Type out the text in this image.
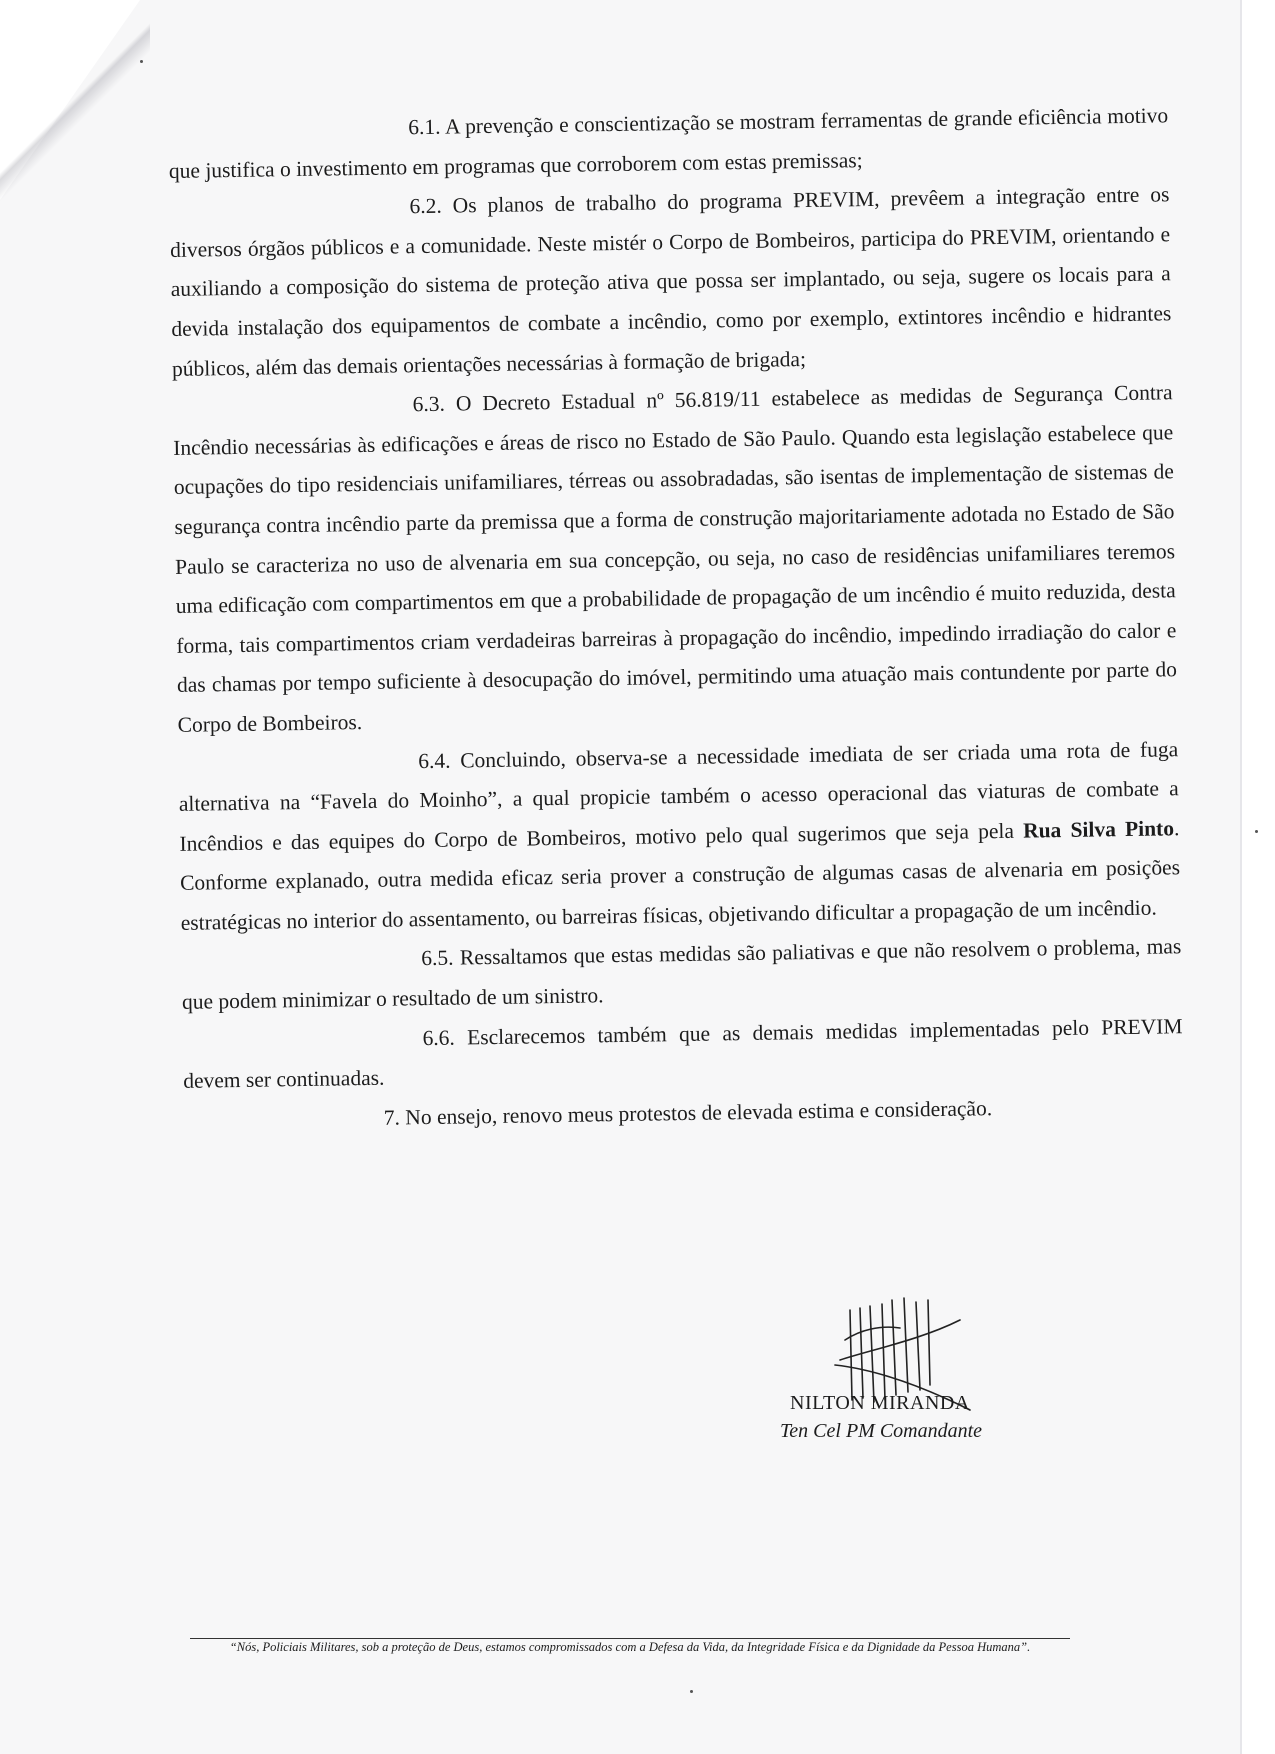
6.1. A prevenção e conscientização se mostram ferramentas de grande eficiência motivo que justifica o investimento em programas que corroborem com estas premissas;

6.2. Os planos de trabalho do programa PREVIM, prevêem a integração entre os diversos órgãos públicos e a comunidade. Neste mistér o Corpo de Bombeiros, participa do PREVIM, orientando e auxiliando a composição do sistema de proteção ativa que possa ser implantado, ou seja, sugere os locais para a devida instalação dos equipamentos de combate a incêndio, como por exemplo, extintores incêndio e hidrantes públicos, além das demais orientações necessárias à formação de brigada;

6.3. O Decreto Estadual nº 56.819/11 estabelece as medidas de Segurança Contra Incêndio necessárias às edificações e áreas de risco no Estado de São Paulo. Quando esta legislação estabelece que ocupações do tipo residenciais unifamiliares, térreas ou assobradadas, são isentas de implementação de sistemas de segurança contra incêndio parte da premissa que a forma de construção majoritariamente adotada no Estado de São Paulo se caracteriza no uso de alvenaria em sua concepção, ou seja, no caso de residências unifamiliares teremos uma edificação com compartimentos em que a probabilidade de propagação de um incêndio é muito reduzida, desta forma, tais compartimentos criam verdadeiras barreiras à propagação do incêndio, impedindo irradiação do calor e das chamas por tempo suficiente à desocupação do imóvel, permitindo uma atuação mais contundente por parte do Corpo de Bombeiros.

6.4. Concluindo, observa-se a necessidade imediata de ser criada uma rota de fuga alternativa na “Favela do Moinho”, a qual propicie também o acesso operacional das viaturas de combate a Incêndios e das equipes do Corpo de Bombeiros, motivo pelo qual sugerimos que seja pela Rua Silva Pinto. Conforme explanado, outra medida eficaz seria prover a construção de algumas casas de alvenaria em posições estratégicas no interior do assentamento, ou barreiras físicas, objetivando dificultar a propagação de um incêndio.

6.5. Ressaltamos que estas medidas são paliativas e que não resolvem o problema, mas que podem minimizar o resultado de um sinistro.

6.6. Esclarecemos também que as demais medidas implementadas pelo PREVIM devem ser continuadas.

7. No ensejo, renovo meus protestos de elevada estima e consideração.

NILTON MIRANDA
Ten Cel PM Comandante
“Nós, Policiais Militares, sob a proteção de Deus, estamos compromissados com a Defesa da Vida, da Integridade Física e da Dignidade da Pessoa Humana”.
